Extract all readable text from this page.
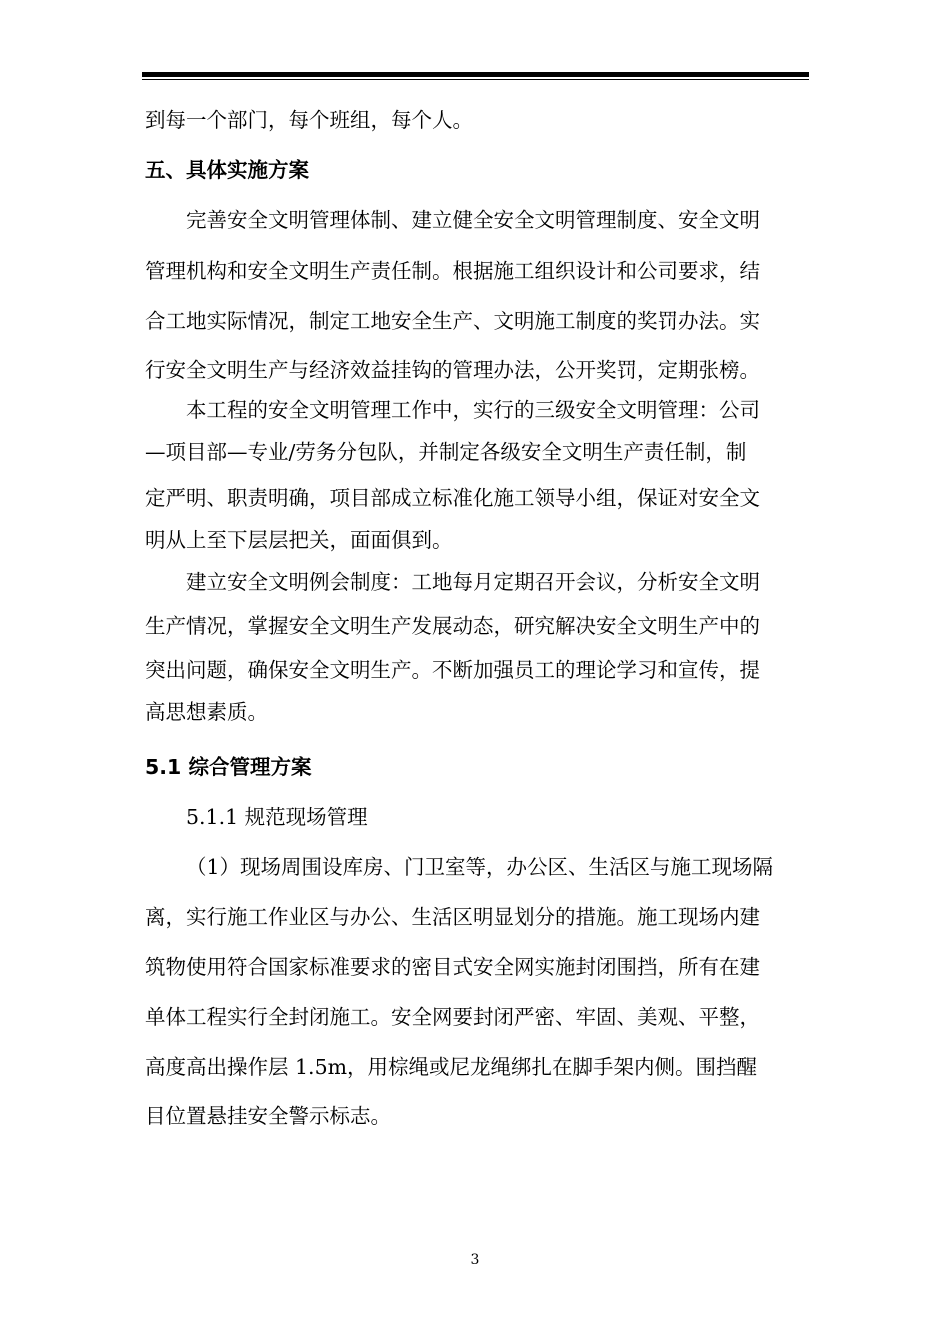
到每一个部门，每个班组，每个人。
五、具体实施方案
完善安全文明管理体制、建立健全安全文明管理制度、安全文明
管理机构和安全文明生产责任制。根据施工组织设计和公司要求，结
合工地实际情况，制定工地安全生产、文明施工制度的奖罚办法。实
行安全文明生产与经济效益挂钩的管理办法，公开奖罚，定期张榜。
本工程的安全文明管理工作中，实行的三级安全文明管理：公司
—项目部—专业/劳务分包队，并制定各级安全文明生产责任制，制
定严明、职责明确，项目部成立标准化施工领导小组，保证对安全文
明从上至下层层把关，面面俱到。
建立安全文明例会制度：工地每月定期召开会议，分析安全文明
生产情况，掌握安全文明生产发展动态，研究解决安全文明生产中的
突出问题，确保安全文明生产。不断加强员工的理论学习和宣传，提
高思想素质。
5.1 综合管理方案
5.1.1 规范现场管理
（1）现场周围设库房、门卫室等，办公区、生活区与施工现场隔
离，实行施工作业区与办公、生活区明显划分的措施。施工现场内建
筑物使用符合国家标准要求的密目式安全网实施封闭围挡，所有在建
单体工程实行全封闭施工。安全网要封闭严密、牢固、美观、平整，
高度高出操作层 1.5m，用棕绳或尼龙绳绑扎在脚手架内侧。围挡醒
目位置悬挂安全警示标志。
3
